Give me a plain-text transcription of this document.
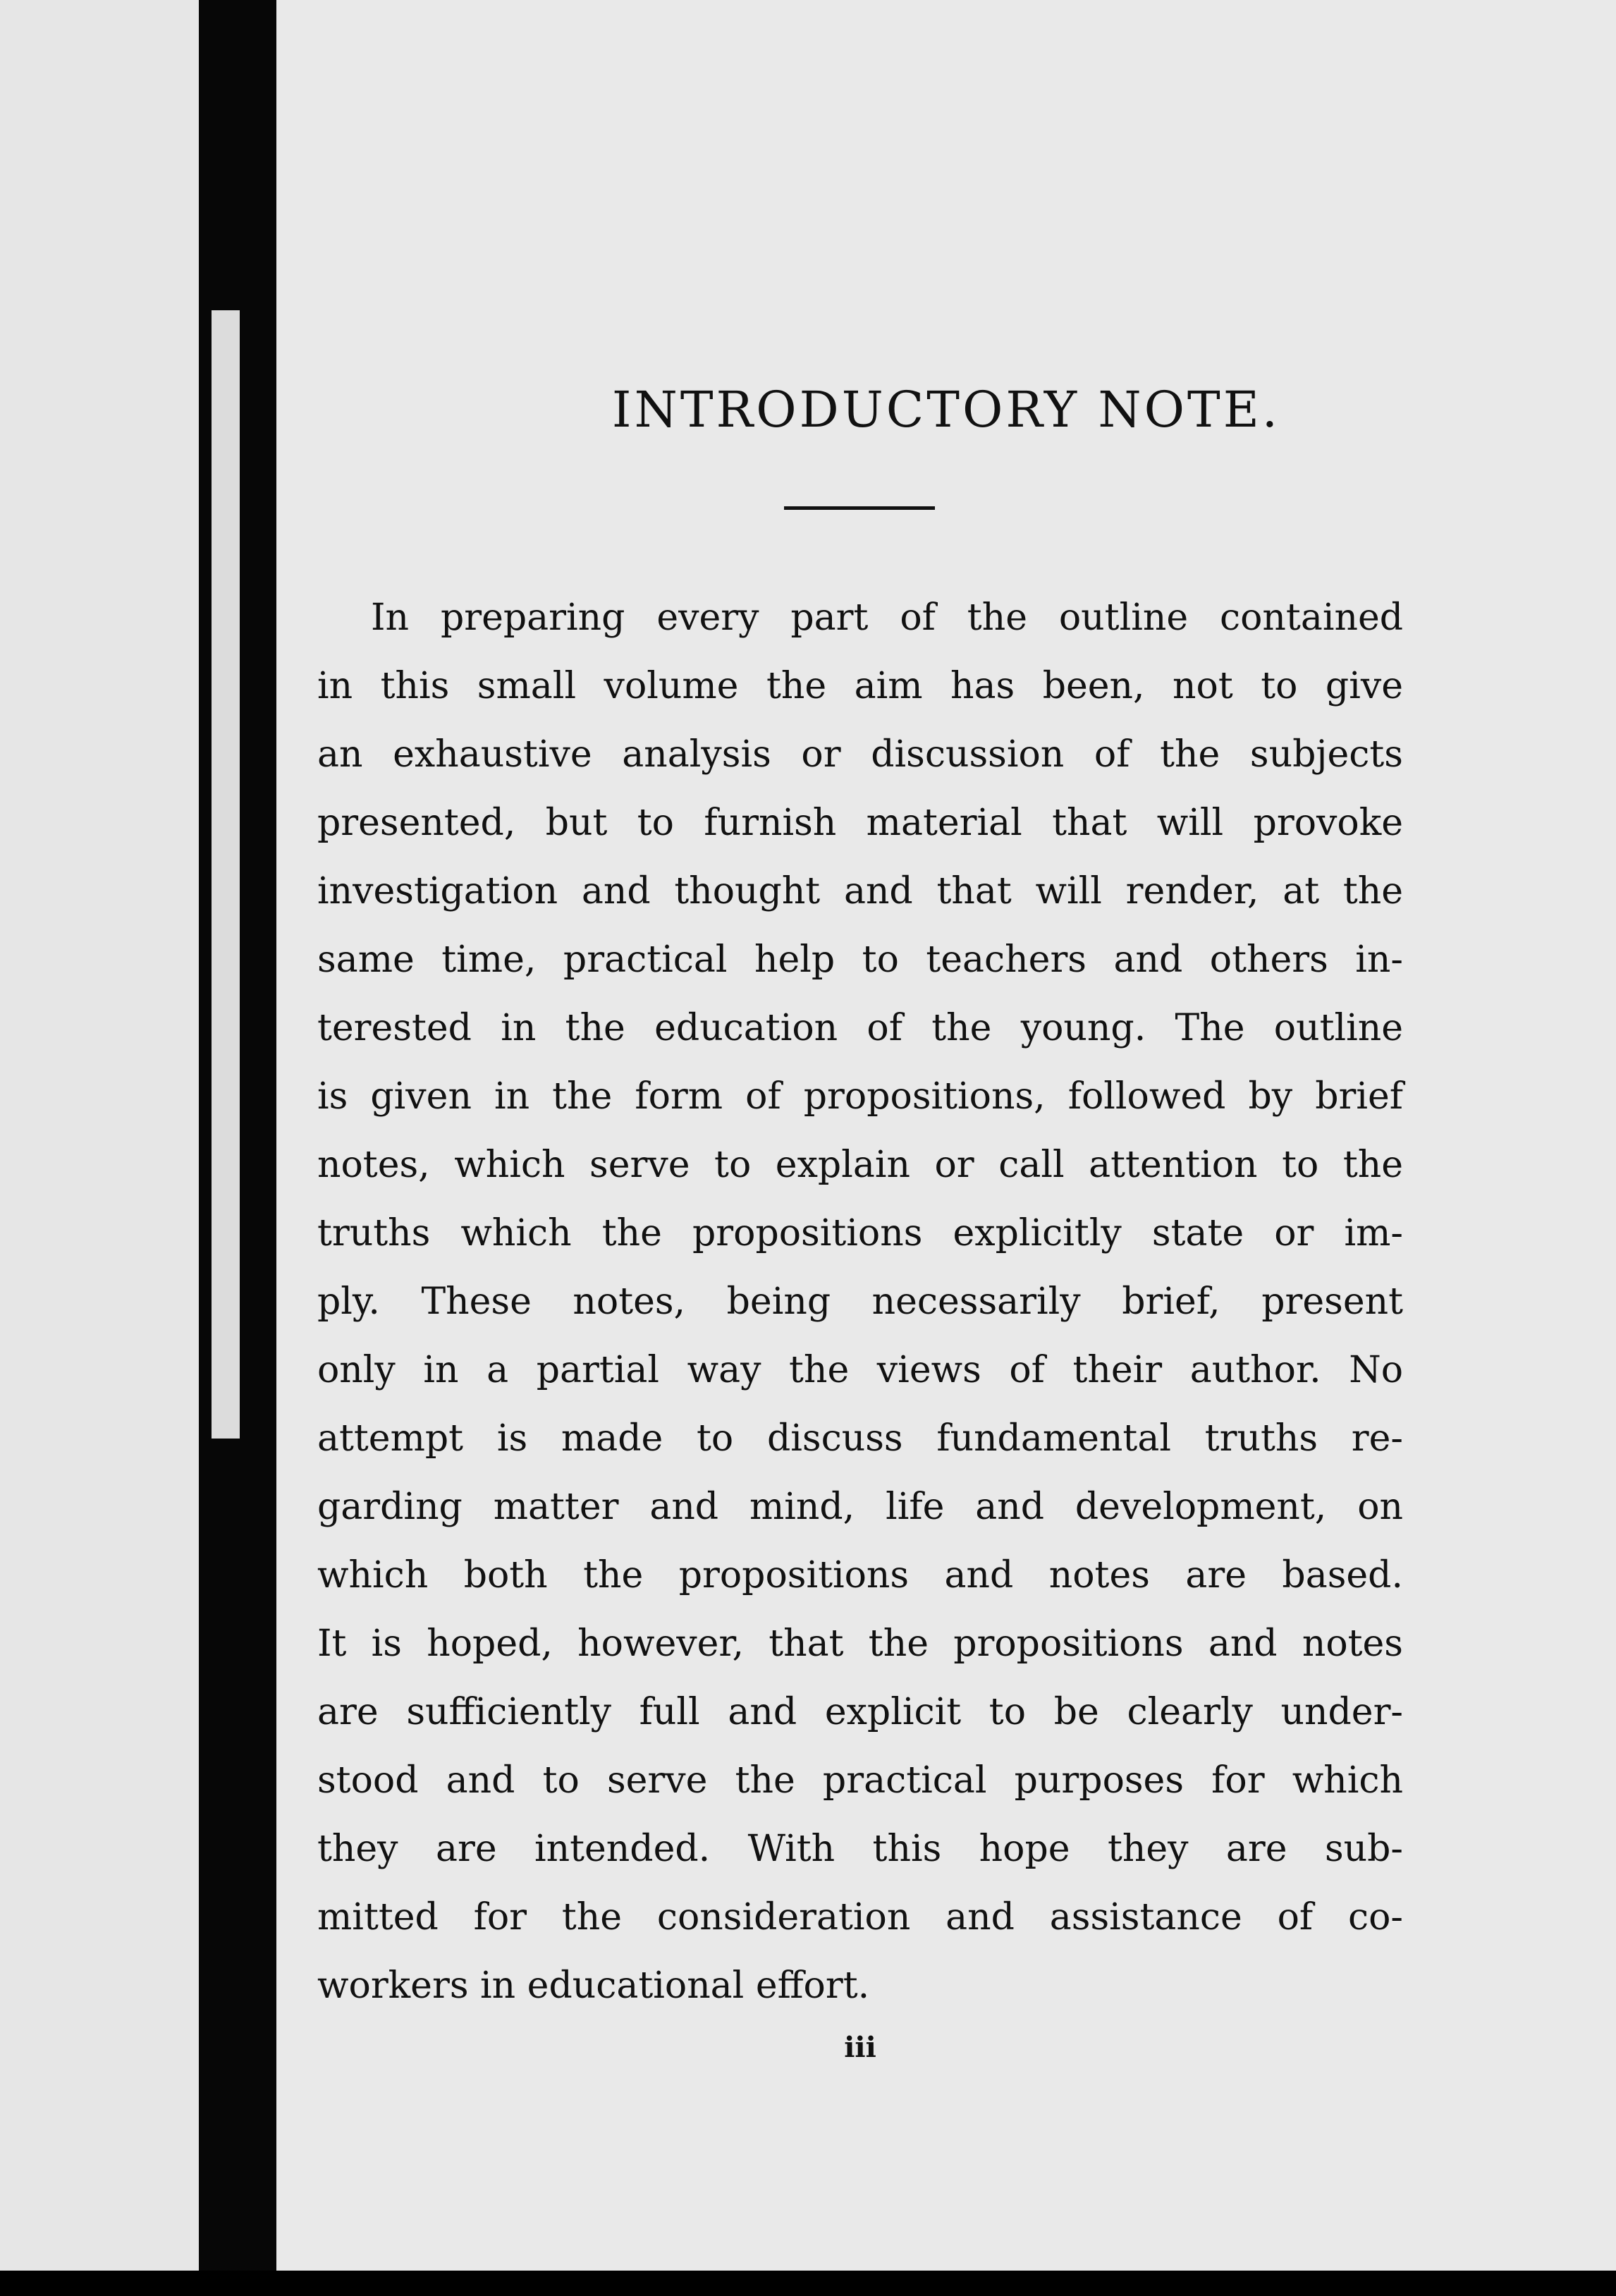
INTRODUCTORY NOTE.
In preparing every part of the outline contained
in this small volume the aim has been, not to give
an exhaustive analysis or discussion of the subjects
presented, but to furnish material that will provoke
investigation and thought and that will render, at the
same time, practical help to teachers and others in-
terested in the education of the young. The outline
is given in the form of propositions, followed by brief
notes, which serve to explain or call attention to the
truths which the propositions explicitly state or im-
ply. These notes, being necessarily brief, present
only in a partial way the views of their author. No
attempt is made to discuss fundamental truths re-
garding matter and mind, life and development, on
which both the propositions and notes are based.
It is hoped, however, that the propositions and notes
are sufficiently full and explicit to be clearly under-
stood and to serve the practical purposes for which
they are intended. With this hope they are sub-
mitted for the consideration and assistance of co-
workers in educational effort.
iii
